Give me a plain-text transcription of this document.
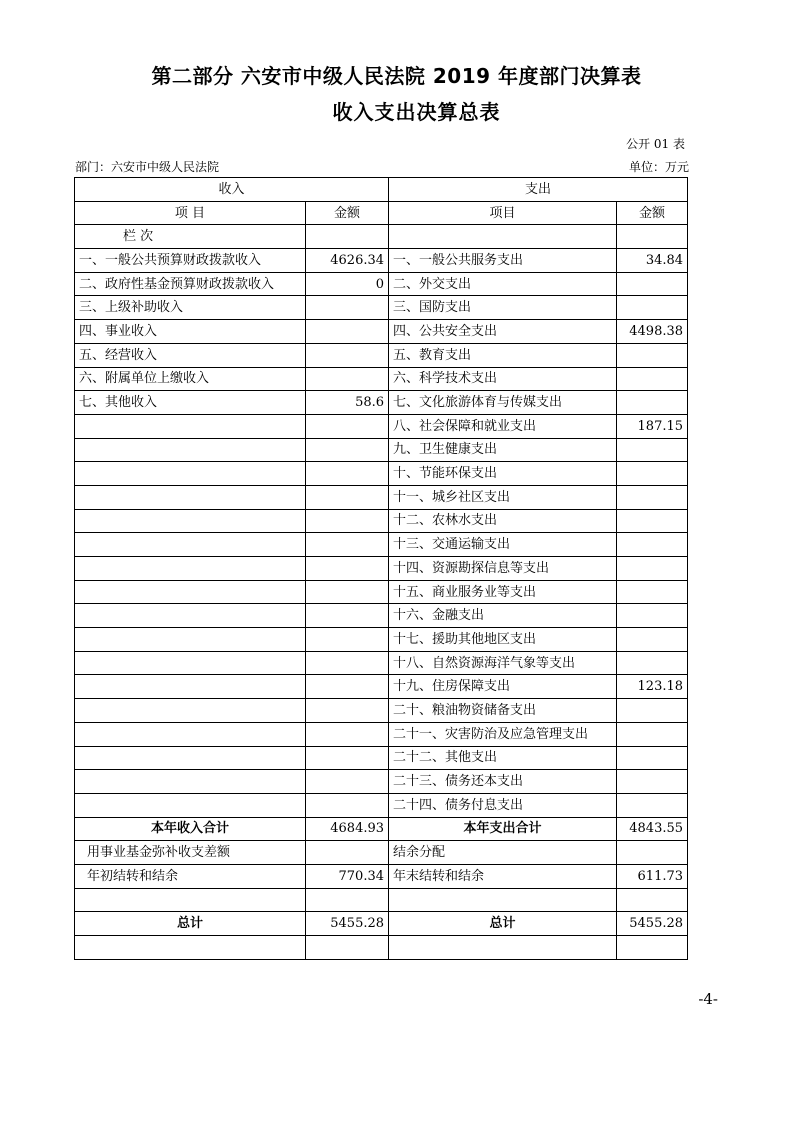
第二部分 六安市中级人民法院 2019 年度部门决算表
收入支出决算总表
公开 01 表
部门：六安市中级人民法院	单位：万元
收入		支出	
项 目	金额	项目	金额
栏 次			
一、一般公共预算财政拨款收入	4626.34	一、一般公共服务支出	34.84
二、政府性基金预算财政拨款收入	0	二、外交支出	
三、上级补助收入		三、国防支出	
四、事业收入		四、公共安全支出	4498.38
五、经营收入		五、教育支出	
六、附属单位上缴收入		六、科学技术支出	
七、其他收入	58.6	七、文化旅游体育与传媒支出	
		八、社会保障和就业支出	187.15
		九、卫生健康支出	
		十、节能环保支出	
		十一、城乡社区支出	
		十二、农林水支出	
		十三、交通运输支出	
		十四、资源勘探信息等支出	
		十五、商业服务业等支出	
		十六、金融支出	
		十七、援助其他地区支出	
		十八、自然资源海洋气象等支出	
		十九、住房保障支出	123.18
		二十、粮油物资储备支出	
		二十一、灾害防治及应急管理支出	
		二十二、其他支出	
		二十三、债务还本支出	
		二十四、债务付息支出	
本年收入合计	4684.93	本年支出合计	4843.55
用事业基金弥补收支差额		结余分配	
年初结转和结余	770.34	年末结转和结余	611.73

总计	5455.28	总计	5455.28

-4-
